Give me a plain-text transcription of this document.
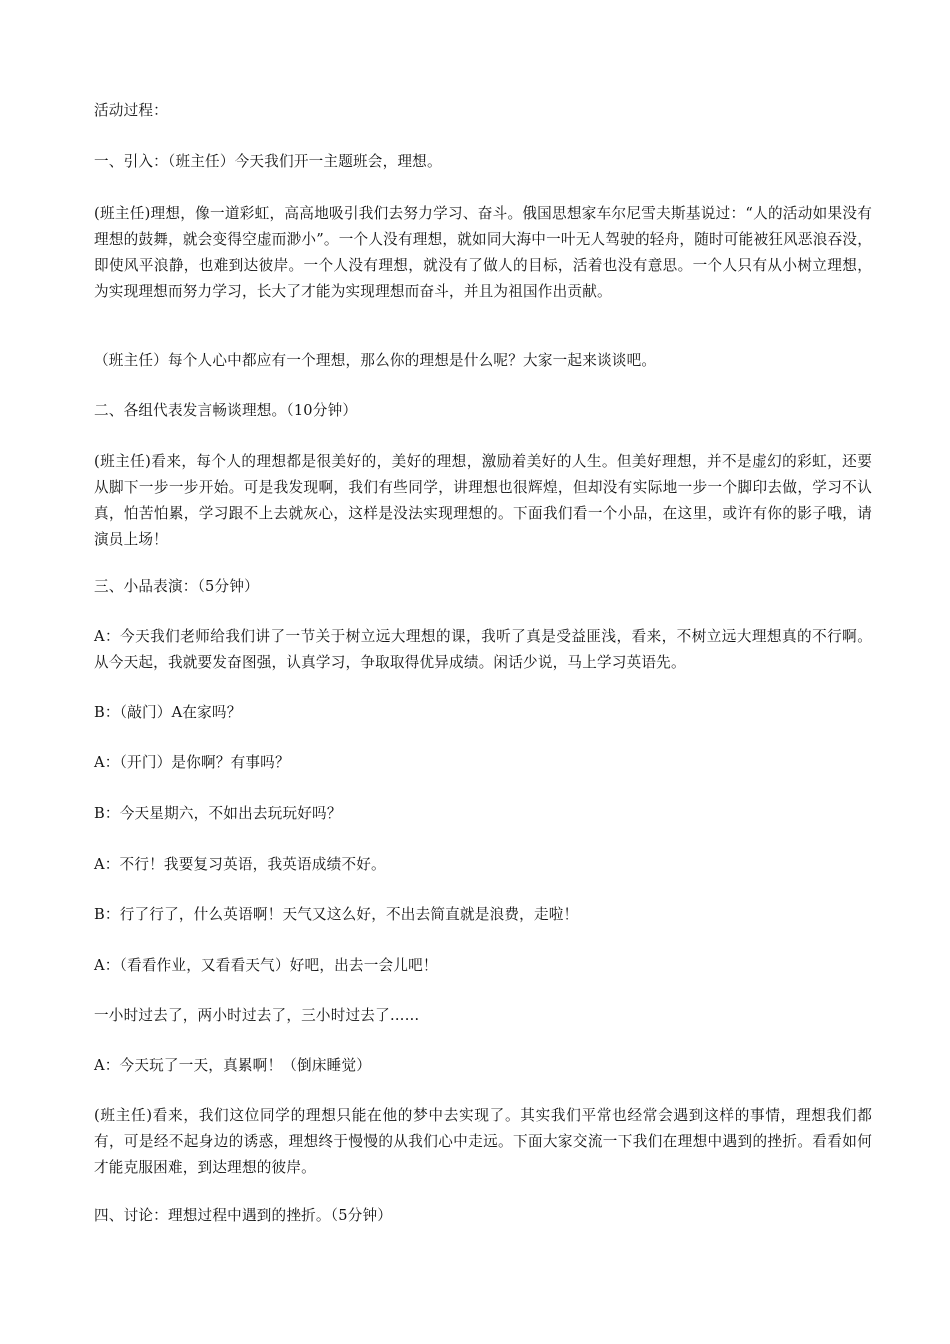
活动过程：

一、引入：（班主任）今天我们开一主题班会，理想。

(班主任)理想，像一道彩虹，高高地吸引我们去努力学习、奋斗。俄国思想家车尔尼雪夫斯基说过：“人的活动如果没有理想的鼓舞，就会变得空虚而渺小”。一个人没有理想，就如同大海中一叶无人驾驶的轻舟，随时可能被狂风恶浪吞没，即使风平浪静，也难到达彼岸。一个人没有理想，就没有了做人的目标，活着也没有意思。一个人只有从小树立理想，为实现理想而努力学习，长大了才能为实现理想而奋斗，并且为祖国作出贡献。

（班主任）每个人心中都应有一个理想，那么你的理想是什么呢？大家一起来谈谈吧。

二、各组代表发言畅谈理想。（10分钟）

(班主任)看来，每个人的理想都是很美好的，美好的理想，激励着美好的人生。但美好理想，并不是虚幻的彩虹，还要从脚下一步一步开始。可是我发现啊，我们有些同学，讲理想也很辉煌，但却没有实际地一步一个脚印去做，学习不认真，怕苦怕累，学习跟不上去就灰心，这样是没法实现理想的。下面我们看一个小品，在这里，或许有你的影子哦，请演员上场！

三、小品表演：（5分钟）

A：今天我们老师给我们讲了一节关于树立远大理想的课，我听了真是受益匪浅，看来，不树立远大理想真的不行啊。从今天起，我就要发奋图强，认真学习，争取取得优异成绩。闲话少说，马上学习英语先。

B：（敲门）A在家吗？

A：（开门）是你啊？有事吗？

B：今天星期六，不如出去玩玩好吗？

A：不行！我要复习英语，我英语成绩不好。

B：行了行了，什么英语啊！天气又这么好，不出去简直就是浪费，走啦！

A：（看看作业，又看看天气）好吧，出去一会儿吧！

一小时过去了，两小时过去了，三小时过去了……

A：今天玩了一天，真累啊！（倒床睡觉）

(班主任)看来，我们这位同学的理想只能在他的梦中去实现了。其实我们平常也经常会遇到这样的事情，理想我们都有，可是经不起身边的诱惑，理想终于慢慢的从我们心中走远。下面大家交流一下我们在理想中遇到的挫折。看看如何才能克服困难，到达理想的彼岸。

四、讨论：理想过程中遇到的挫折。（5分钟）
